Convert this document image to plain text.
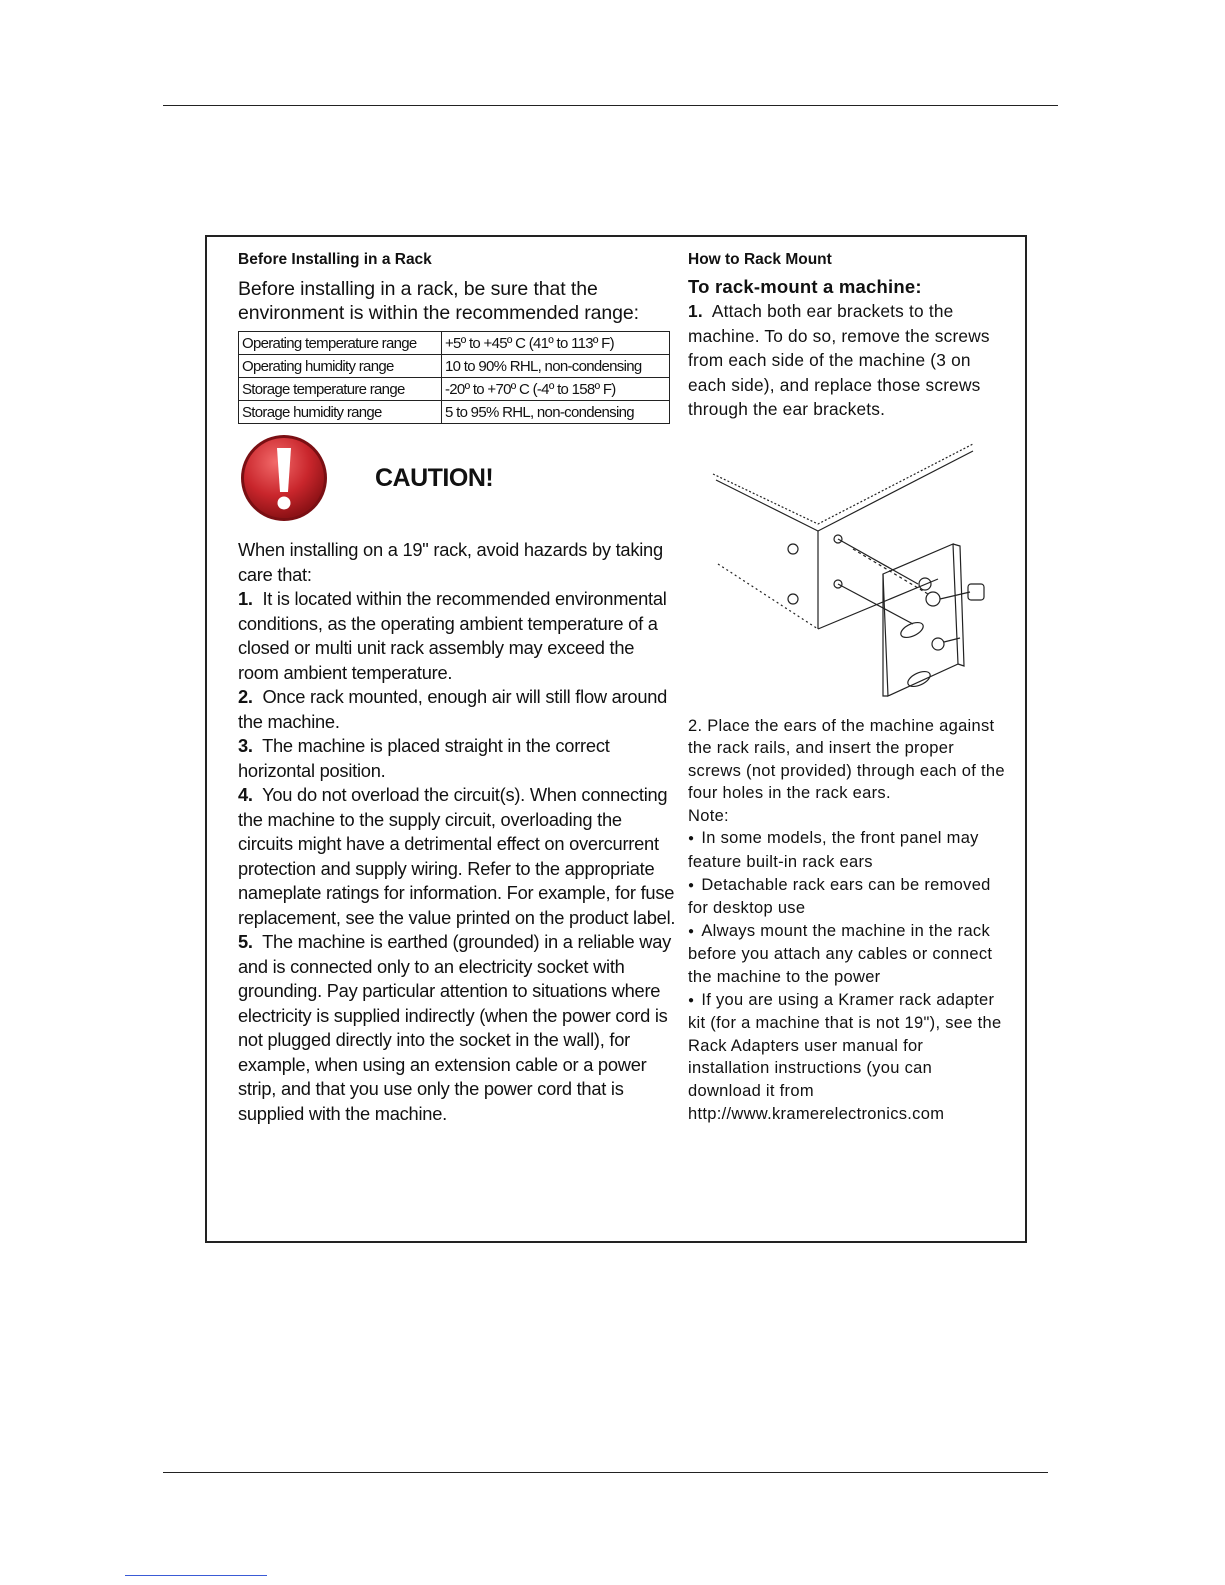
Before Installing in a Rack

Before installing in a rack, be sure that the environment is within the recommended range:

Operating temperature range	+5º to +45º C (41º to 113º F)
Operating humidity range	10 to 90% RHL, non-condensing
Storage temperature range	-20º to +70º C (-4º to 158º F)
Storage humidity range	5 to 95% RHL, non-condensing
CAUTION!

When installing on a 19" rack, avoid hazards by taking care that:

1. It is located within the recommended environmental conditions, as the operating ambient temperature of a closed or multi unit rack assembly may exceed the room ambient temperature.

2. Once rack mounted, enough air will still flow around the machine.

3. The machine is placed straight in the correct horizontal position.

4. You do not overload the circuit(s). When connecting the machine to the supply circuit, overloading the circuits might have a detrimental effect on overcurrent protection and supply wiring. Refer to the appropriate nameplate ratings for information. For example, for fuse replacement, see the value printed on the product label.

5. The machine is earthed (grounded) in a reliable way and is connected only to an electricity socket with grounding. Pay particular attention to situations where electricity is supplied indirectly (when the power cord is not plugged directly into the socket in the wall), for example, when using an extension cable or a power strip, and that you use only the power cord that is supplied with the machine.

How to Rack Mount

To rack-mount a machine:

1. Attach both ear brackets to the machine. To do so, remove the screws from each side of the machine (3 on each side), and replace those screws through the ear brackets.

2. Place the ears of the machine against the rack rails, and insert the proper screws (not provided) through each of the four holes in the rack ears.

Note:

● In some models, the front panel may feature built-in rack ears

● Detachable rack ears can be removed for desktop use

● Always mount the machine in the rack before you attach any cables or connect the machine to the power

● If you are using a Kramer rack adapter kit (for a machine that is not 19"), see the Rack Adapters user manual for installation instructions (you can download it from

http://www.kramerelectronics.com
